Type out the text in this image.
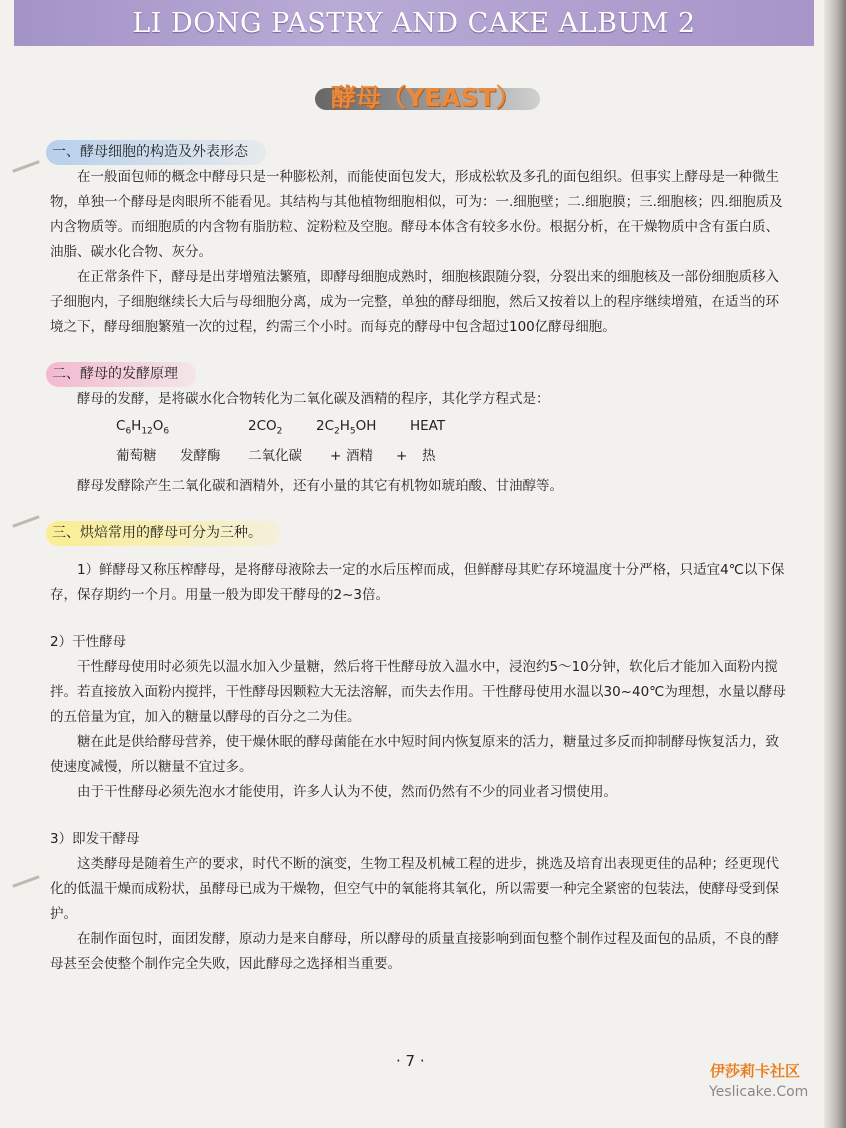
LI DONG PASTRY AND CAKE ALBUM 2
酵母（YEAST）
一、酵母细胞的构造及外表形态

在一般面包师的概念中酵母只是一种膨松剂，而能使面包发大，形成松软及多孔的面包组织。但事实上酵母是一种微生物，单独一个酵母是肉眼所不能看见。其结构与其他植物细胞相似，可为：一.细胞壁；二.细胞膜；三.细胞核；四.细胞质及内含物质等。而细胞质的内含物有脂肪粒、淀粉粒及空胞。酵母本体含有较多水份。根据分析，在干燥物质中含有蛋白质、油脂、碳水化合物、灰分。

在正常条件下，酵母是出芽增殖法繁殖，即酵母细胞成熟时，细胞核跟随分裂，分裂出来的细胞核及一部份细胞质移入子细胞内，子细胞继续长大后与母细胞分离，成为一完整，单独的酵母细胞，然后又按着以上的程序继续增殖，在适当的环境之下，酵母细胞繁殖一次的过程，约需三个小时。而每克的酵母中包含超过100亿酵母细胞。

二、酵母的发酵原理

酵母的发酵，是将碳水化合物转化为二氧化碳及酒精的程序，其化学方程式是：

$C_6H_{12}O_6$	$2CO_2$ $2C_2H_5OH$ HEAT
葡萄糖 发酵酶 二氧化碳 + 酒精 + 热

酵母发酵除产生二氧化碳和酒精外，还有小量的其它有机物如琥珀酸、甘油醇等。

三、烘焙常用的酵母可分为三种。

1）鲜酵母又称压榨酵母，是将酵母液除去一定的水后压榨而成，但鲜酵母其贮存环境温度十分严格，只适宜4℃以下保存，保存期约一个月。用量一般为即发干酵母的2~3倍。

2）干性酵母

干性酵母使用时必须先以温水加入少量糖，然后将干性酵母放入温水中，浸泡约5～10分钟，软化后才能加入面粉内搅拌。若直接放入面粉内搅拌，干性酵母因颗粒大无法溶解，而失去作用。干性酵母使用水温以30~40℃为理想，水量以酵母的五倍量为宜，加入的糖量以酵母的百分之二为佳。

糖在此是供给酵母营养，使干燥休眠的酵母菌能在水中短时间内恢复原来的活力，糖量过多反而抑制酵母恢复活力，致使速度减慢，所以糖量不宜过多。

由于干性酵母必须先泡水才能使用，许多人认为不使，然而仍然有不少的同业者习惯使用。

3）即发干酵母

这类酵母是随着生产的要求，时代不断的演变，生物工程及机械工程的进步，挑选及培育出表现更佳的品种；经更现代化的低温干燥而成粉状，虽酵母已成为干燥物，但空气中的氧能将其氧化，所以需要一种完全紧密的包装法，使酵母受到保护。

在制作面包时，面团发酵，原动力是来自酵母，所以酵母的质量直接影响到面包整个制作过程及面包的品质，不良的酵母甚至会使整个制作完全失败，因此酵母之选择相当重要。

· 7 ·
伊莎莉卡社区
Yeslicake.Com
